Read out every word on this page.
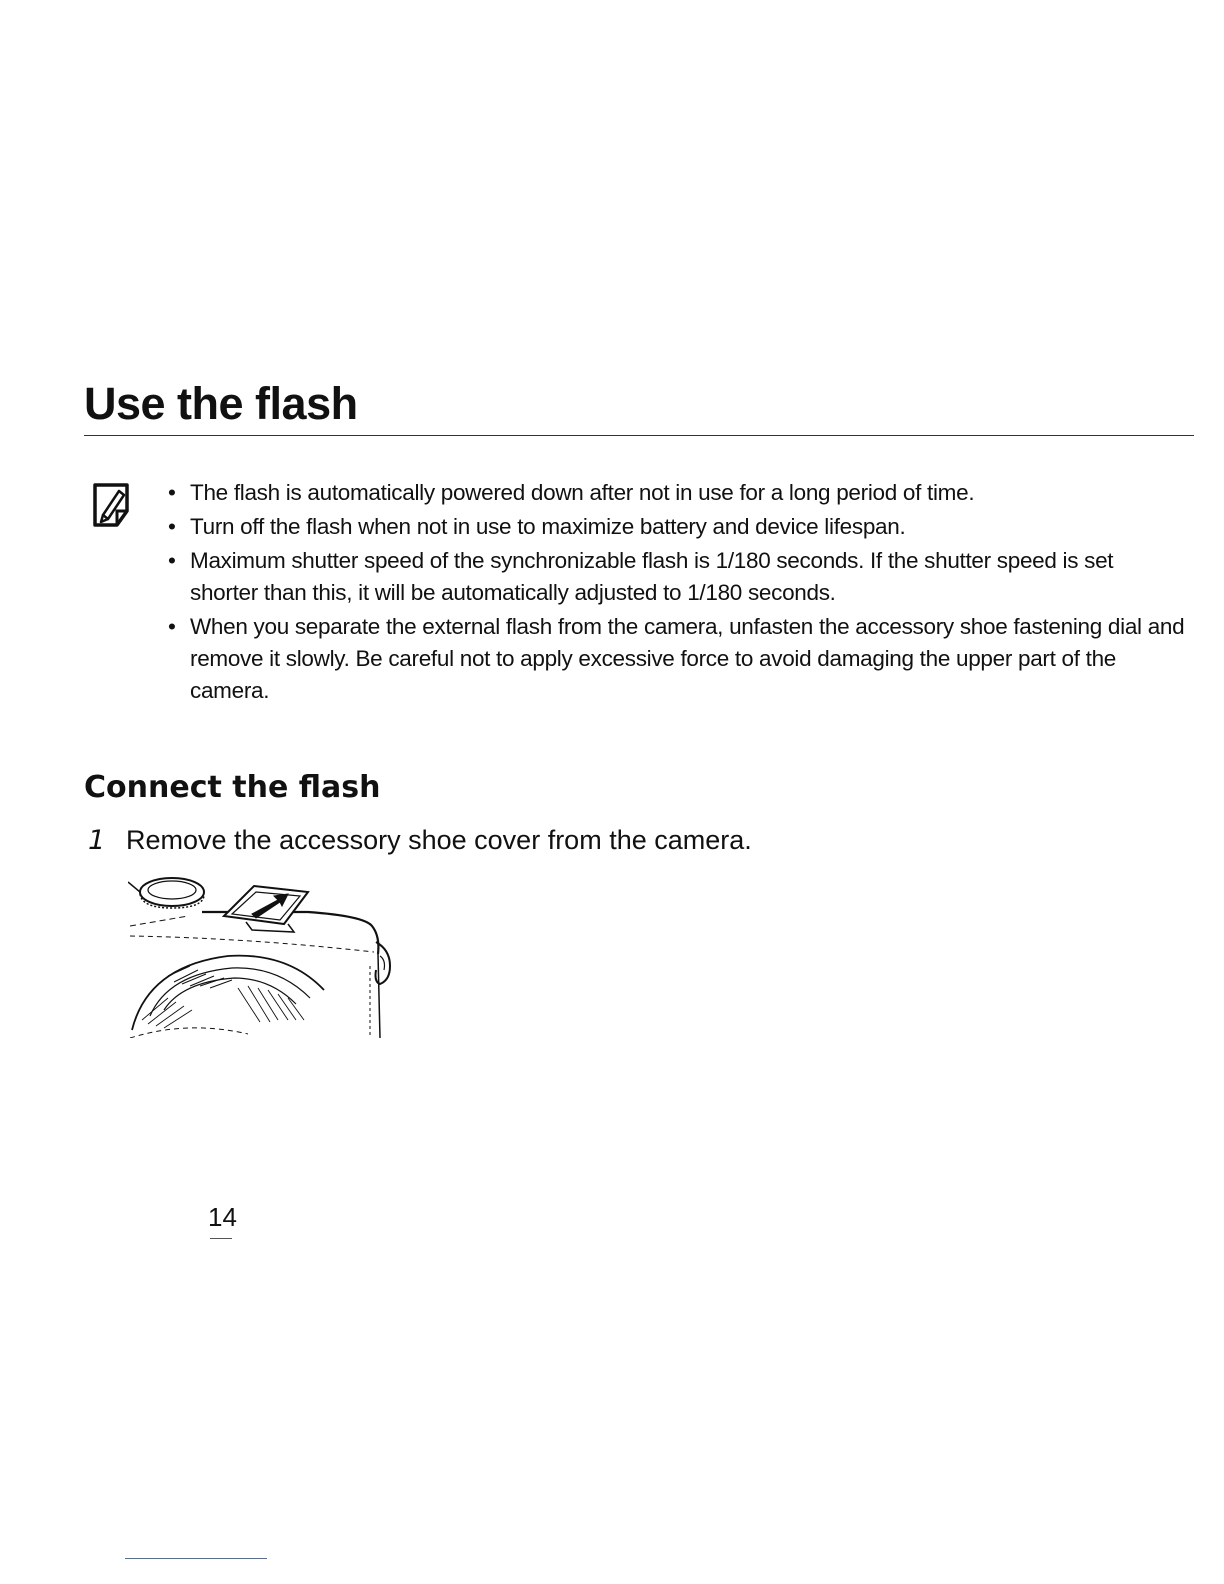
Use the flash
• The flash is automatically powered down after not in use for a long period of time.
• Turn off the flash when not in use to maximize battery and device lifespan.
• Maximum shutter speed of the synchronizable flash is 1/180 seconds. If the shutter speed is set shorter than this, it will be automatically adjusted to 1/180 seconds.
• When you separate the external flash from the camera, unfasten the accessory shoe fastening dial and remove it slowly. Be careful not to apply excessive force to avoid damaging the upper part of the camera.
Connect the flash
1 Remove the accessory shoe cover from the camera.
14
